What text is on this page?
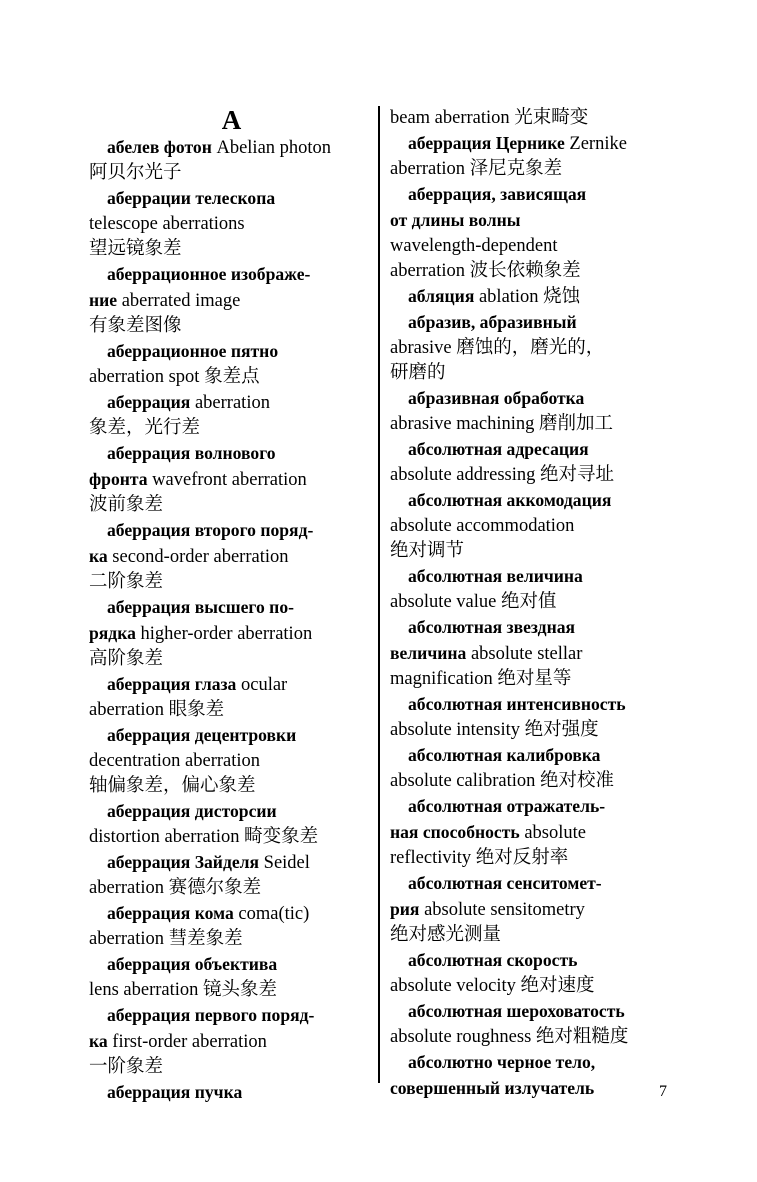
А
абелев фотон Abelian photon
阿贝尔光子
аберрации телескопа
telescope aberrations
望远镜象差
аберрационное изображе-
ние aberrated image
有象差图像
аберрационное пятно
aberration spot 象差点
аберрация aberration
象差，光行差
аберрация волнового
фронта wavefront aberration
波前象差
аберрация второго поряд-
ка second-order aberration
二阶象差
аберрация высшего по-
рядка higher-order aberration
高阶象差
аберрация глаза ocular
aberration 眼象差
аберрация децентровки
decentration aberration
轴偏象差，偏心象差
аберрация дисторсии
distortion aberration 畸变象差
аберрация Зайделя Seidel
aberration 赛德尔象差
аберрация кома coma(tic)
aberration 彗差象差
аберрация объектива
lens aberration 镜头象差
аберрация первого поряд-
ка first-order aberration
一阶象差
аберрация пучка
beam aberration 光束畸变
аберрация Цернике Zernike
aberration 泽尼克象差
аберрация, зависящая
от длины волны
wavelength-dependent
aberration 波长依赖象差
абляция ablation 烧蚀
абразив, абразивный
abrasive 磨蚀的，磨光的，
研磨的
абразивная обработка
abrasive machining 磨削加工
абсолютная адресация
absolute addressing 绝对寻址
абсолютная аккомодация
absolute accommodation
绝对调节
абсолютная величина
absolute value 绝对值
абсолютная звездная
величина absolute stellar
magnification 绝对星等
абсолютная интенсивность
absolute intensity 绝对强度
абсолютная калибровка
absolute calibration 绝对校准
абсолютная отражатель-
ная способность absolute
reflectivity 绝对反射率
абсолютная сенситомет-
рия absolute sensitometry
绝对感光测量
абсолютная скорость
absolute velocity 绝对速度
абсолютная шероховатость
absolute roughness 绝对粗糙度
абсолютно черное тело,
совершенный излучатель	7
